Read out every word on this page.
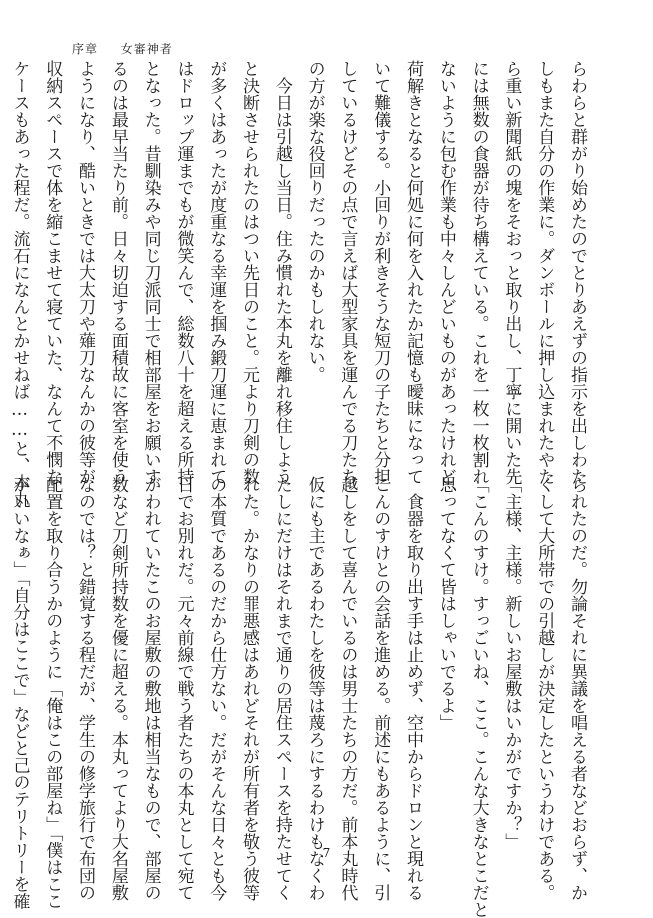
序章 　 女審神者
らわらと群がり始めたのでとりあえずの指示を出しわた
しもまた自分の作業に。ダンボールに押し込まれたやた
ら重い新聞紙の塊をそおっと取り出し、丁寧に開いた先
には無数の食器が待ち構えている。これを一枚一枚割れ
ないように包む作業も中々しんどいものがあったけれど、
荷解きとなると何処に何を入れたか記憶も曖昧になって
いて難儀する。小回りが利きそうな短刀の子たちと分担
しているけどその点で言えば大型家具を運んでる刀たち
の方が楽な役回りだったのかもしれない。
　今日は引越し当日。住み慣れた本丸を離れ移住しよう
と決断させられたのはつい先日のこと。元より刀剣の数
が多くはあったが度重なる幸運を掴み鍛刀運に恵まれて
はドロップ運までもが微笑んで、総数八十を超える所持
となった。昔馴染みや同じ刀派同士で相部屋をお願いす
るのは最早当たり前。日々切迫する面積故に客室を使う
ようになり、酷いときでは大太刀や薙刀なんかの彼等が
収納スペースで体を縮こませて寝ていた、なんて不憫な
ケースもあった程だ。流石になんとかせねば……と、本丸
られたのだ。勿論それに異議を唱える者などおらず、か
くして大所帯での引越しが決定したというわけである。
「主様、主様。新しいお屋敷はいかがですか？」
「こんのすけ。すっごいね、ここ。こんな大きなとこだと
思ってなくて皆はしゃいでるよ」
　食器を取り出す手は止めず、空中からドロンと現れる
こんのすけとの会話を進める。前述にもあるように、引
越しをして喜んでいるのは男士たちの方だ。前本丸時代
仮にも主であるわたしを彼等は蔑ろにするわけもなくわ
たしにだけはそれまで通りの居住スペースを持たせてく
れた。かなりの罪悪感はあれどそれが所有者を敬う彼等
の本質であるのだから仕方ない。だがそんな日々とも今
日でお別れだ。元々前線で戦う者たちの本丸として宛て
がわれていたこのお屋敷の敷地は相当なもので、部屋の
数など刀剣所持数を優に超える。本丸ってより大名屋敷
なのでは？と錯覚する程だが、学生の修学旅行で布団の
配置を取り合うかのように「俺はこの部屋ね」「僕はここ
がいいなぁ」「自分はここで」などと己のテリトリーを確	7
